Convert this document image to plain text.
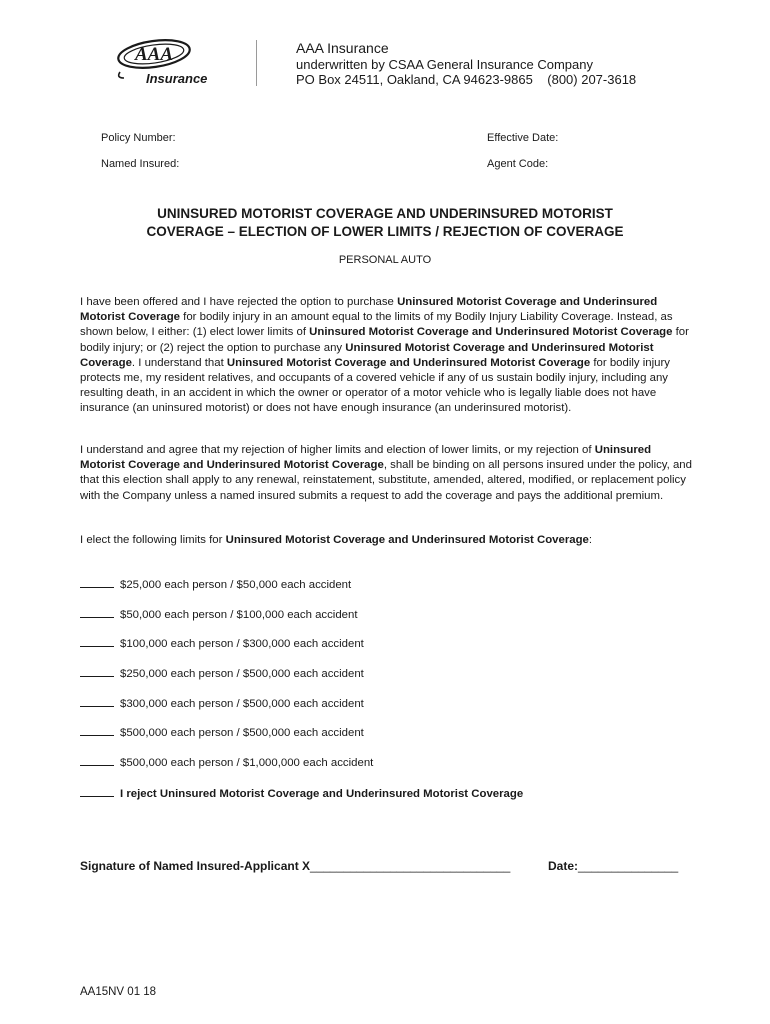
AAA
Insurance
AAA Insurance
underwritten by CSAA General Insurance Company
PO Box 24511, Oakland, CA 94623-9865    (800) 207-3618
Policy Number:	Effective Date:
Named Insured:	Agent Code:
UNINSURED MOTORIST COVERAGE AND UNDERINSURED MOTORIST
COVERAGE – ELECTION OF LOWER LIMITS / REJECTION OF COVERAGE
PERSONAL AUTO
I have been offered and I have rejected the option to purchase Uninsured Motorist Coverage and Underinsured Motorist Coverage for bodily injury in an amount equal to the limits of my Bodily Injury Liability Coverage. Instead, as shown below, I either: (1) elect lower limits of Uninsured Motorist Coverage and Underinsured Motorist Coverage for bodily injury; or (2) reject the option to purchase any Uninsured Motorist Coverage and Underinsured Motorist Coverage. I understand that Uninsured Motorist Coverage and Underinsured Motorist Coverage for bodily injury protects me, my resident relatives, and occupants of a covered vehicle if any of us sustain bodily injury, including any resulting death, in an accident in which the owner or operator of a motor vehicle who is legally liable does not have insurance (an uninsured motorist) or does not have enough insurance (an underinsured motorist).
I understand and agree that my rejection of higher limits and election of lower limits, or my rejection of Uninsured Motorist Coverage and Underinsured Motorist Coverage, shall be binding on all persons insured under the policy, and that this election shall apply to any renewal, reinstatement, substitute, amended, altered, modified, or replacement policy with the Company unless a named insured submits a request to add the coverage and pays the additional premium.
I elect the following limits for Uninsured Motorist Coverage and Underinsured Motorist Coverage:
$25,000 each person / $50,000 each accident
$50,000 each person / $100,000 each accident
$100,000 each person / $300,000 each accident
$250,000 each person / $500,000 each accident
$300,000 each person / $500,000 each accident
$500,000 each person / $500,000 each accident
$500,000 each person / $1,000,000 each accident
I reject Uninsured Motorist Coverage and Underinsured Motorist Coverage
Signature of Named Insured-Applicant X______________________________	Date:_______________
AA15NV 01 18
